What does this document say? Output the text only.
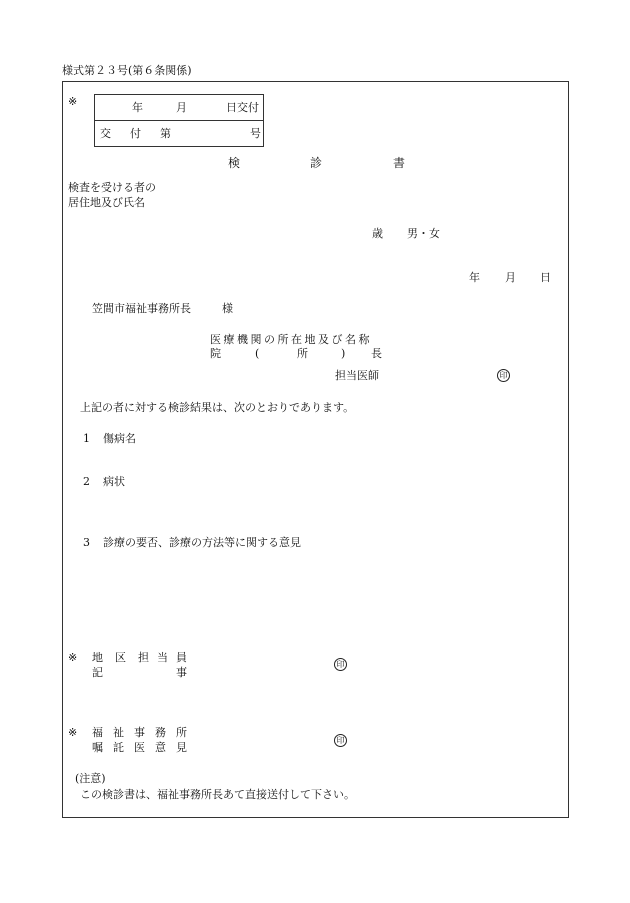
様式第２３号(第６条関係)
※	年	月	日交付
交 付 第	号
検	診	書
検査を受ける者の
居住地及び氏名
歳 男・女
年 月 日
笠間市福祉事務所長	様
医療機関の所在地及び名称
院	(	所	) 長
担当医師	印
上記の者に対する検診結果は、次のとおりであります。
1 傷病名
2 病状
3 診療の要否、診療の方法等に関する意見
※ 地 区 担 当 員
記	事
印
※ 福 祉 事 務 所
嘱 託 医 意 見
印
(注意)
この検診書は、福祉事務所長あて直接送付して下さい。
